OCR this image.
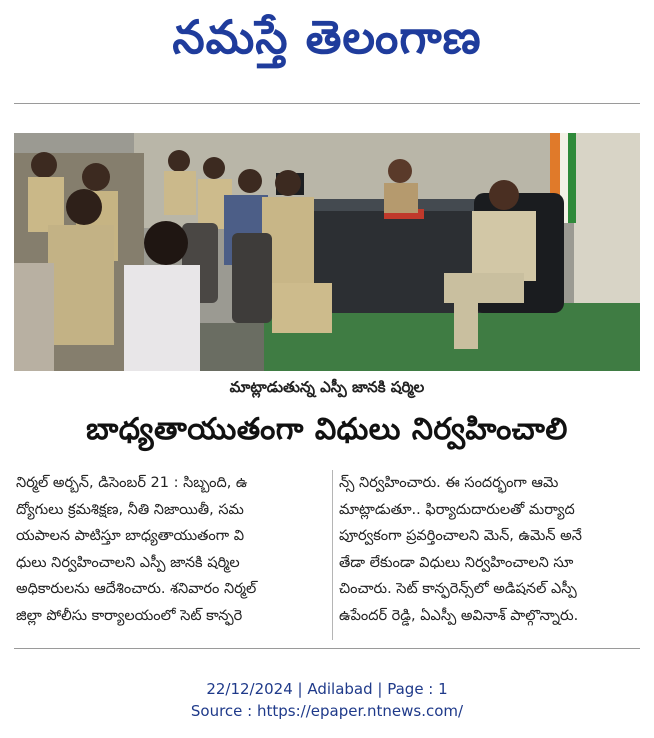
నమస్తే తెలంగాణ
మాట్లాడుతున్న ఎస్పీ జానకి షర్మిల
బాధ్యతాయుతంగా విధులు నిర్వహించాలి
నిర్మల్ అర్బన్, డిసెంబర్ 21 : సిబ్బంది, ఉ
ద్యోగులు క్రమశిక్షణ, నీతి నిజాయితీ, సమ
యపాలన పాటిస్తూ బాధ్యతాయుతంగా వి
ధులు నిర్వహించాలని ఎస్పీ జానకి షర్మిల
అధికారులను ఆదేశించారు. శనివారం నిర్మల్
జిల్లా పోలీసు కార్యాలయంలో సెట్ కాన్ఫరె
న్స్ నిర్వహించారు. ఈ సందర్భంగా ఆమె
మాట్లాడుతూ.. ఫిర్యాదుదారులతో మర్యాద
పూర్వకంగా ప్రవర్తించాలని మెన్, ఉమెన్ అనే
తేడా లేకుండా విధులు నిర్వహించాలని సూ
చించారు. సెట్ కాన్ఫరెన్స్‌లో అడిషనల్ ఎస్పీ
ఉపేందర్ రెడ్డి, ఏఎస్పీ అవినాశ్ పాల్గొన్నారు.
22/12/2024 | Adilabad | Page : 1
Source : https://epaper.ntnews.com/
